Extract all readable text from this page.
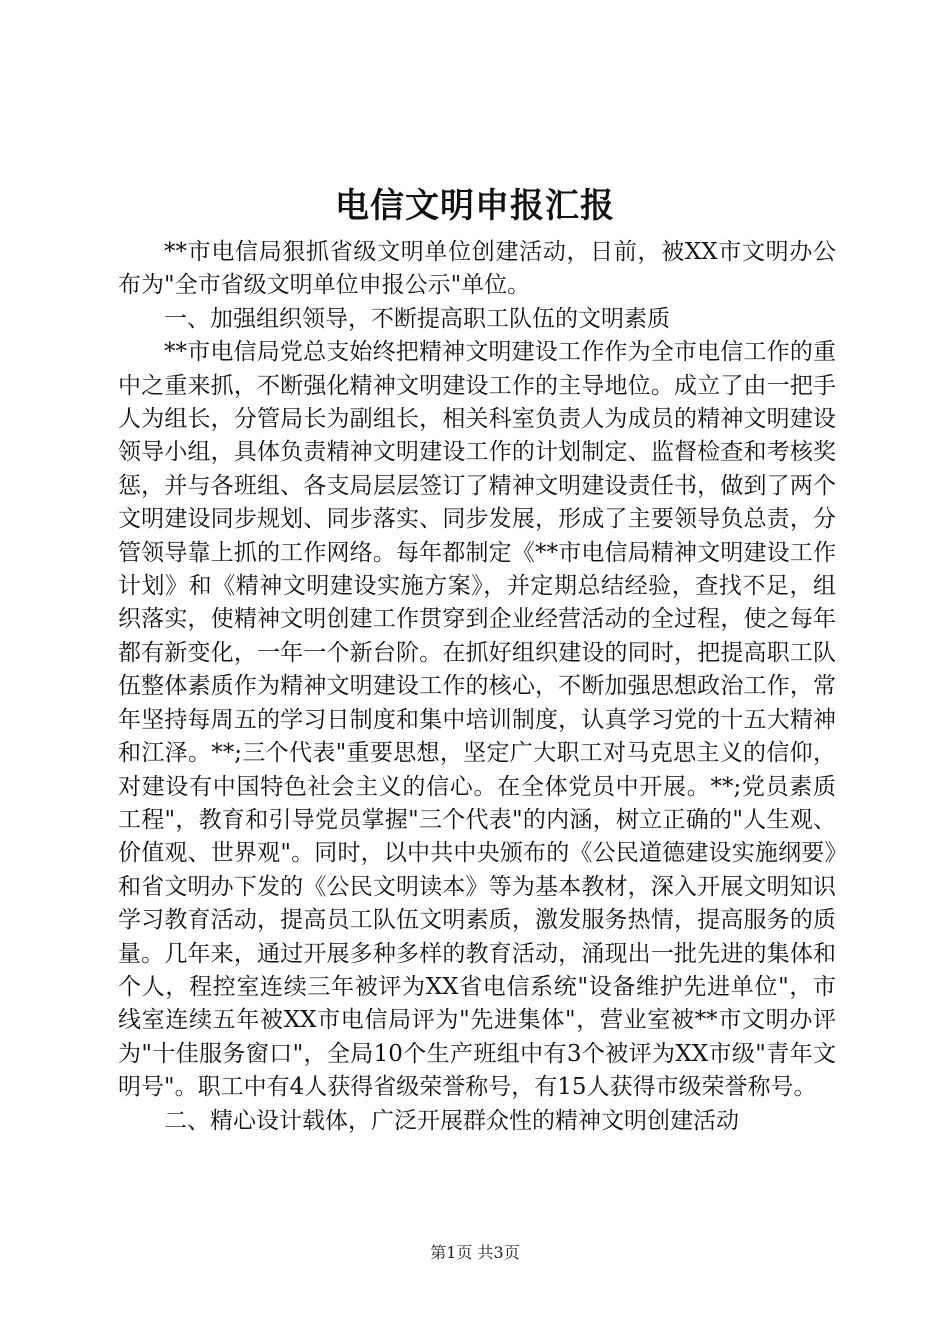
电信文明申报汇报

**市电信局狠抓省级文明单位创建活动，日前，被XX市文明办公布为"全市省级文明单位申报公示"单位。

一、加强组织领导，不断提高职工队伍的文明素质

**市电信局党总支始终把精神文明建设工作作为全市电信工作的重中之重来抓，不断强化精神文明建设工作的主导地位。成立了由一把手人为组长，分管局长为副组长，相关科室负责人为成员的精神文明建设领导小组，具体负责精神文明建设工作的计划制定、监督检查和考核奖惩，并与各班组、各支局层层签订了精神文明建设责任书，做到了两个文明建设同步规划、同步落实、同步发展，形成了主要领导负总责，分管领导靠上抓的工作网络。每年都制定《**市电信局精神文明建设工作计划》和《精神文明建设实施方案》，并定期总结经验，查找不足，组织落实，使精神文明创建工作贯穿到企业经营活动的全过程，使之每年都有新变化，一年一个新台阶。在抓好组织建设的同时，把提高职工队伍整体素质作为精神文明建设工作的核心，不断加强思想政治工作，常年坚持每周五的学习日制度和集中培训制度，认真学习党的十五大精神和江泽。**;三个代表"重要思想，坚定广大职工对马克思主义的信仰，对建设有中国特色社会主义的信心。在全体党员中开展。**;党员素质工程"，教育和引导党员掌握"三个代表"的内涵，树立正确的"人生观、价值观、世界观"。同时，以中共中央颁布的《公民道德建设实施纲要》和省文明办下发的《公民文明读本》等为基本教材，深入开展文明知识学习教育活动，提高员工队伍文明素质，激发服务热情，提高服务的质量。几年来，通过开展多种多样的教育活动，涌现出一批先进的集体和个人，程控室连续三年被评为XX省电信系统"设备维护先进单位"，市线室连续五年被XX市电信局评为"先进集体"，营业室被**市文明办评为"十佳服务窗口"，全局10个生产班组中有3个被评为XX市级"青年文明号"。职工中有4人获得省级荣誉称号，有15人获得市级荣誉称号。

二、精心设计载体，广泛开展群众性的精神文明创建活动

第1页 共3页
